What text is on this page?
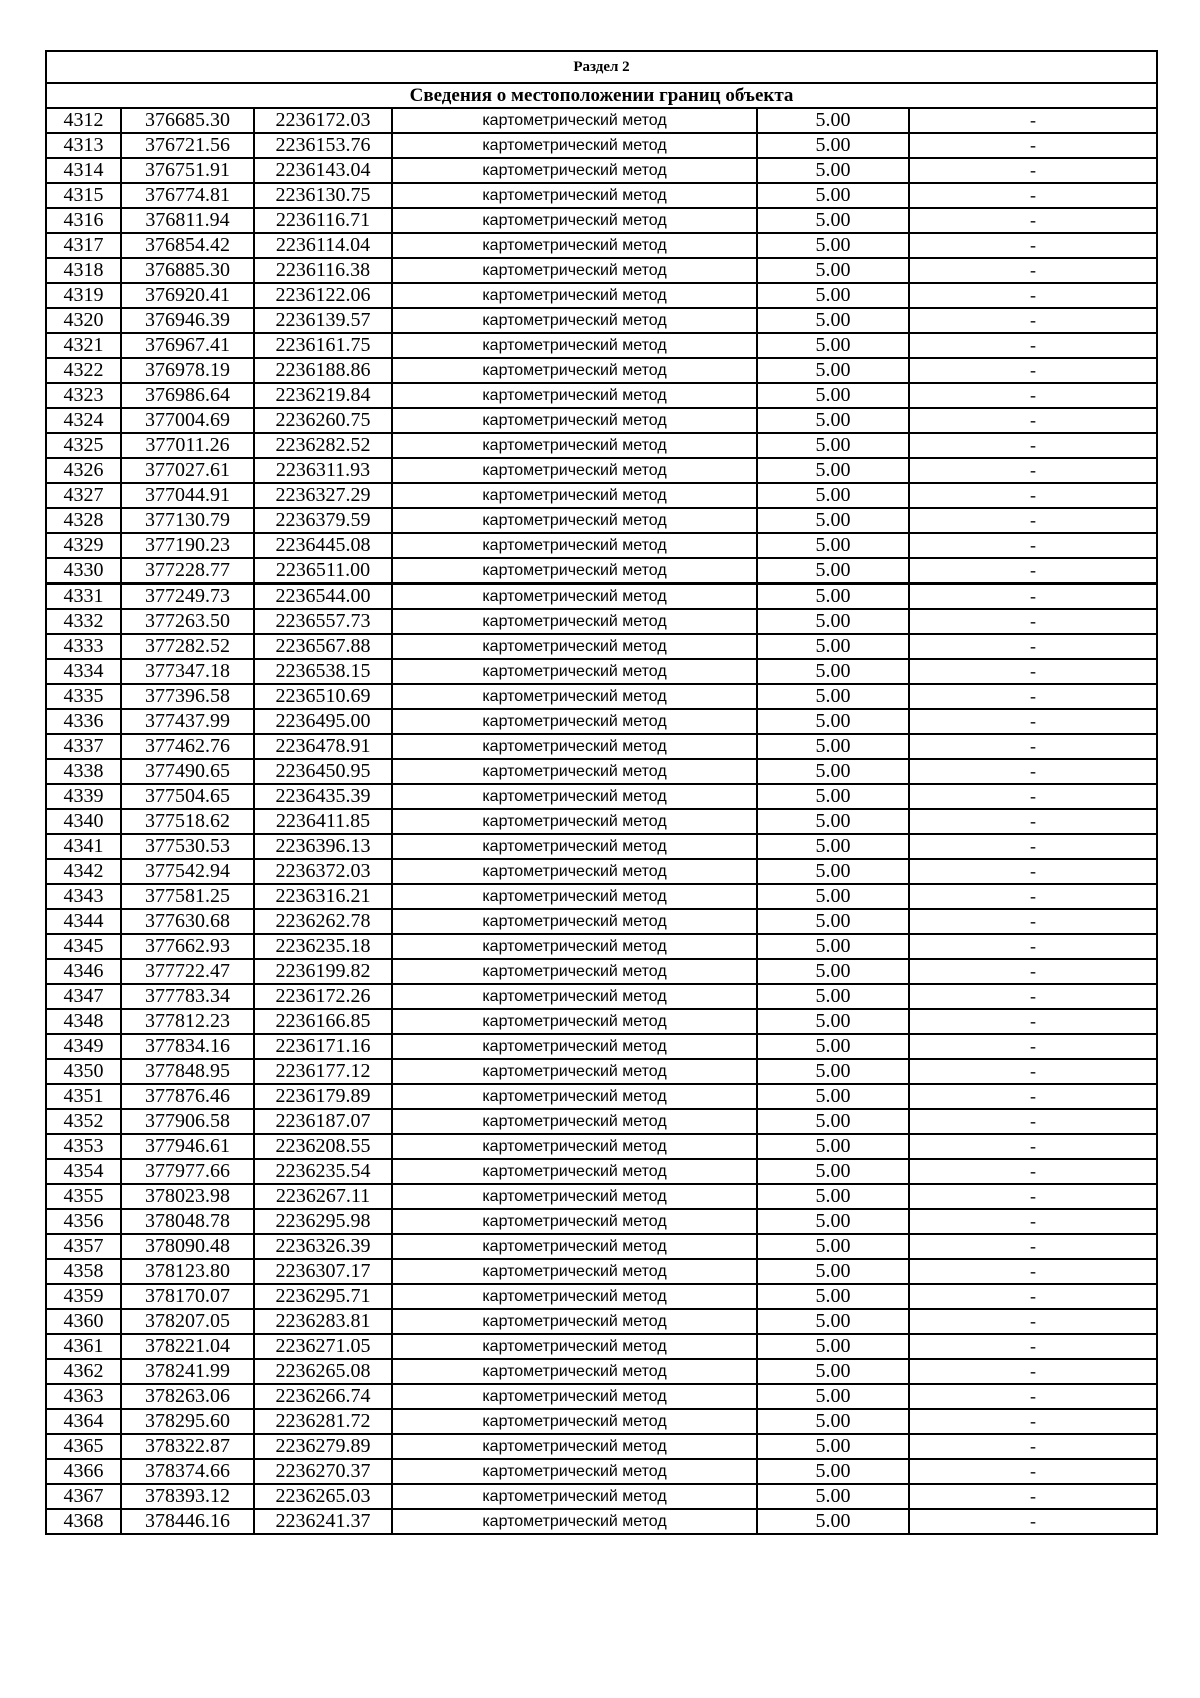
Раздел 2					
Сведения о местоположении границ объекта					
4312	376685.30	2236172.03	картометрический метод	5.00	-
4313	376721.56	2236153.76	картометрический метод	5.00	-
4314	376751.91	2236143.04	картометрический метод	5.00	-
4315	376774.81	2236130.75	картометрический метод	5.00	-
4316	376811.94	2236116.71	картометрический метод	5.00	-
4317	376854.42	2236114.04	картометрический метод	5.00	-
4318	376885.30	2236116.38	картометрический метод	5.00	-
4319	376920.41	2236122.06	картометрический метод	5.00	-
4320	376946.39	2236139.57	картометрический метод	5.00	-
4321	376967.41	2236161.75	картометрический метод	5.00	-
4322	376978.19	2236188.86	картометрический метод	5.00	-
4323	376986.64	2236219.84	картометрический метод	5.00	-
4324	377004.69	2236260.75	картометрический метод	5.00	-
4325	377011.26	2236282.52	картометрический метод	5.00	-
4326	377027.61	2236311.93	картометрический метод	5.00	-
4327	377044.91	2236327.29	картометрический метод	5.00	-
4328	377130.79	2236379.59	картометрический метод	5.00	-
4329	377190.23	2236445.08	картометрический метод	5.00	-
4330	377228.77	2236511.00	картометрический метод	5.00	-
4331	377249.73	2236544.00	картометрический метод	5.00	-
4332	377263.50	2236557.73	картометрический метод	5.00	-
4333	377282.52	2236567.88	картометрический метод	5.00	-
4334	377347.18	2236538.15	картометрический метод	5.00	-
4335	377396.58	2236510.69	картометрический метод	5.00	-
4336	377437.99	2236495.00	картометрический метод	5.00	-
4337	377462.76	2236478.91	картометрический метод	5.00	-
4338	377490.65	2236450.95	картометрический метод	5.00	-
4339	377504.65	2236435.39	картометрический метод	5.00	-
4340	377518.62	2236411.85	картометрический метод	5.00	-
4341	377530.53	2236396.13	картометрический метод	5.00	-
4342	377542.94	2236372.03	картометрический метод	5.00	-
4343	377581.25	2236316.21	картометрический метод	5.00	-
4344	377630.68	2236262.78	картометрический метод	5.00	-
4345	377662.93	2236235.18	картометрический метод	5.00	-
4346	377722.47	2236199.82	картометрический метод	5.00	-
4347	377783.34	2236172.26	картометрический метод	5.00	-
4348	377812.23	2236166.85	картометрический метод	5.00	-
4349	377834.16	2236171.16	картометрический метод	5.00	-
4350	377848.95	2236177.12	картометрический метод	5.00	-
4351	377876.46	2236179.89	картометрический метод	5.00	-
4352	377906.58	2236187.07	картометрический метод	5.00	-
4353	377946.61	2236208.55	картометрический метод	5.00	-
4354	377977.66	2236235.54	картометрический метод	5.00	-
4355	378023.98	2236267.11	картометрический метод	5.00	-
4356	378048.78	2236295.98	картометрический метод	5.00	-
4357	378090.48	2236326.39	картометрический метод	5.00	-
4358	378123.80	2236307.17	картометрический метод	5.00	-
4359	378170.07	2236295.71	картометрический метод	5.00	-
4360	378207.05	2236283.81	картометрический метод	5.00	-
4361	378221.04	2236271.05	картометрический метод	5.00	-
4362	378241.99	2236265.08	картометрический метод	5.00	-
4363	378263.06	2236266.74	картометрический метод	5.00	-
4364	378295.60	2236281.72	картометрический метод	5.00	-
4365	378322.87	2236279.89	картометрический метод	5.00	-
4366	378374.66	2236270.37	картометрический метод	5.00	-
4367	378393.12	2236265.03	картометрический метод	5.00	-
4368	378446.16	2236241.37	картометрический метод	5.00	-
